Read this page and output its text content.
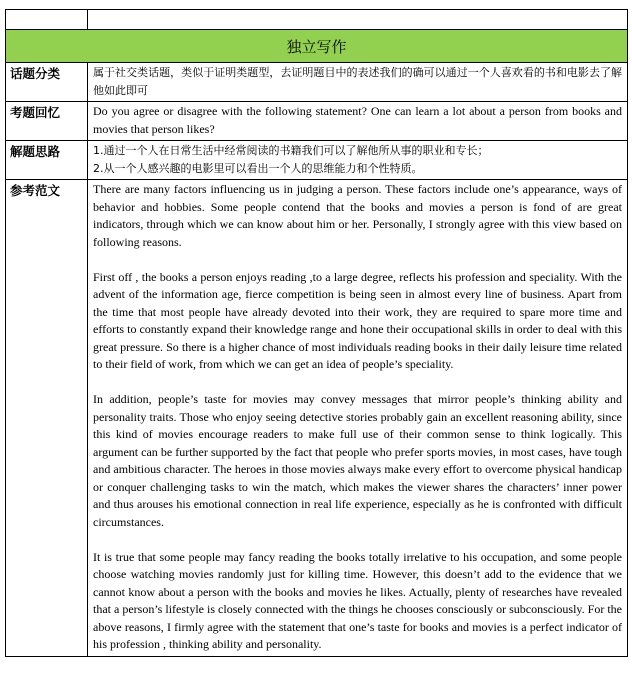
独立写作	
话题分类	属于社交类话题，类似于证明类题型，去证明题目中的表述我们的确可以通过一个人喜欢看的书和电影去了解他如此即可
考题回忆	Do you agree or disagree with the following statement? One can learn a lot about a person from books and movies that person likes?
解题思路	1.通过一个人在日常生活中经常阅读的书籍我们可以了解他所从事的职业和专长；
2.从一个人感兴趣的电影里可以看出一个人的思维能力和个性特质。

参考范文	There are many factors influencing us in judging a person. These factors include one’s appearance, ways of behavior and hobbies. Some people contend that the books and movies a person is fond of are great indicators, through which we can know about him or her. Personally, I strongly agree with this view based on following reasons.

First off , the books a person enjoys reading ,to a large degree, reflects his profession and speciality. With the advent of the information age, fierce competition is being seen in almost every line of business. Apart from the time that most people have already devoted into their work, they are required to spare more time and efforts to constantly expand their knowledge range and hone their occupational skills in order to deal with this great pressure. So there is a higher chance of most individuals reading books in their daily leisure time related to their field of work, from which we can get an idea of people’s speciality.

In addition, people’s taste for movies may convey messages that mirror people’s thinking ability and personality traits. Those who enjoy seeing detective stories probably gain an excellent reasoning ability, since this kind of movies encourage readers to make full use of their common sense to think logically. This argument can be further supported by the fact that people who prefer sports movies, in most cases, have tough and ambitious character. The heroes in those movies always make every effort to overcome physical handicap or conquer challenging tasks to win the match, which makes the viewer shares the characters’ inner power and thus arouses his emotional connection in real life experience, especially as he is confronted with difficult circumstances.

It is true that some people may fancy reading the books totally irrelative to his occupation, and some people choose watching movies randomly just for killing time. However, this doesn’t add to the evidence that we cannot know about a person with the books and movies he likes. Actually, plenty of researches have revealed that a person’s lifestyle is closely connected with the things he chooses consciously or subconsciously. For the above reasons, I firmly agree with the statement that one’s taste for books and movies is a perfect indicator of his profession , thinking ability and personality.
